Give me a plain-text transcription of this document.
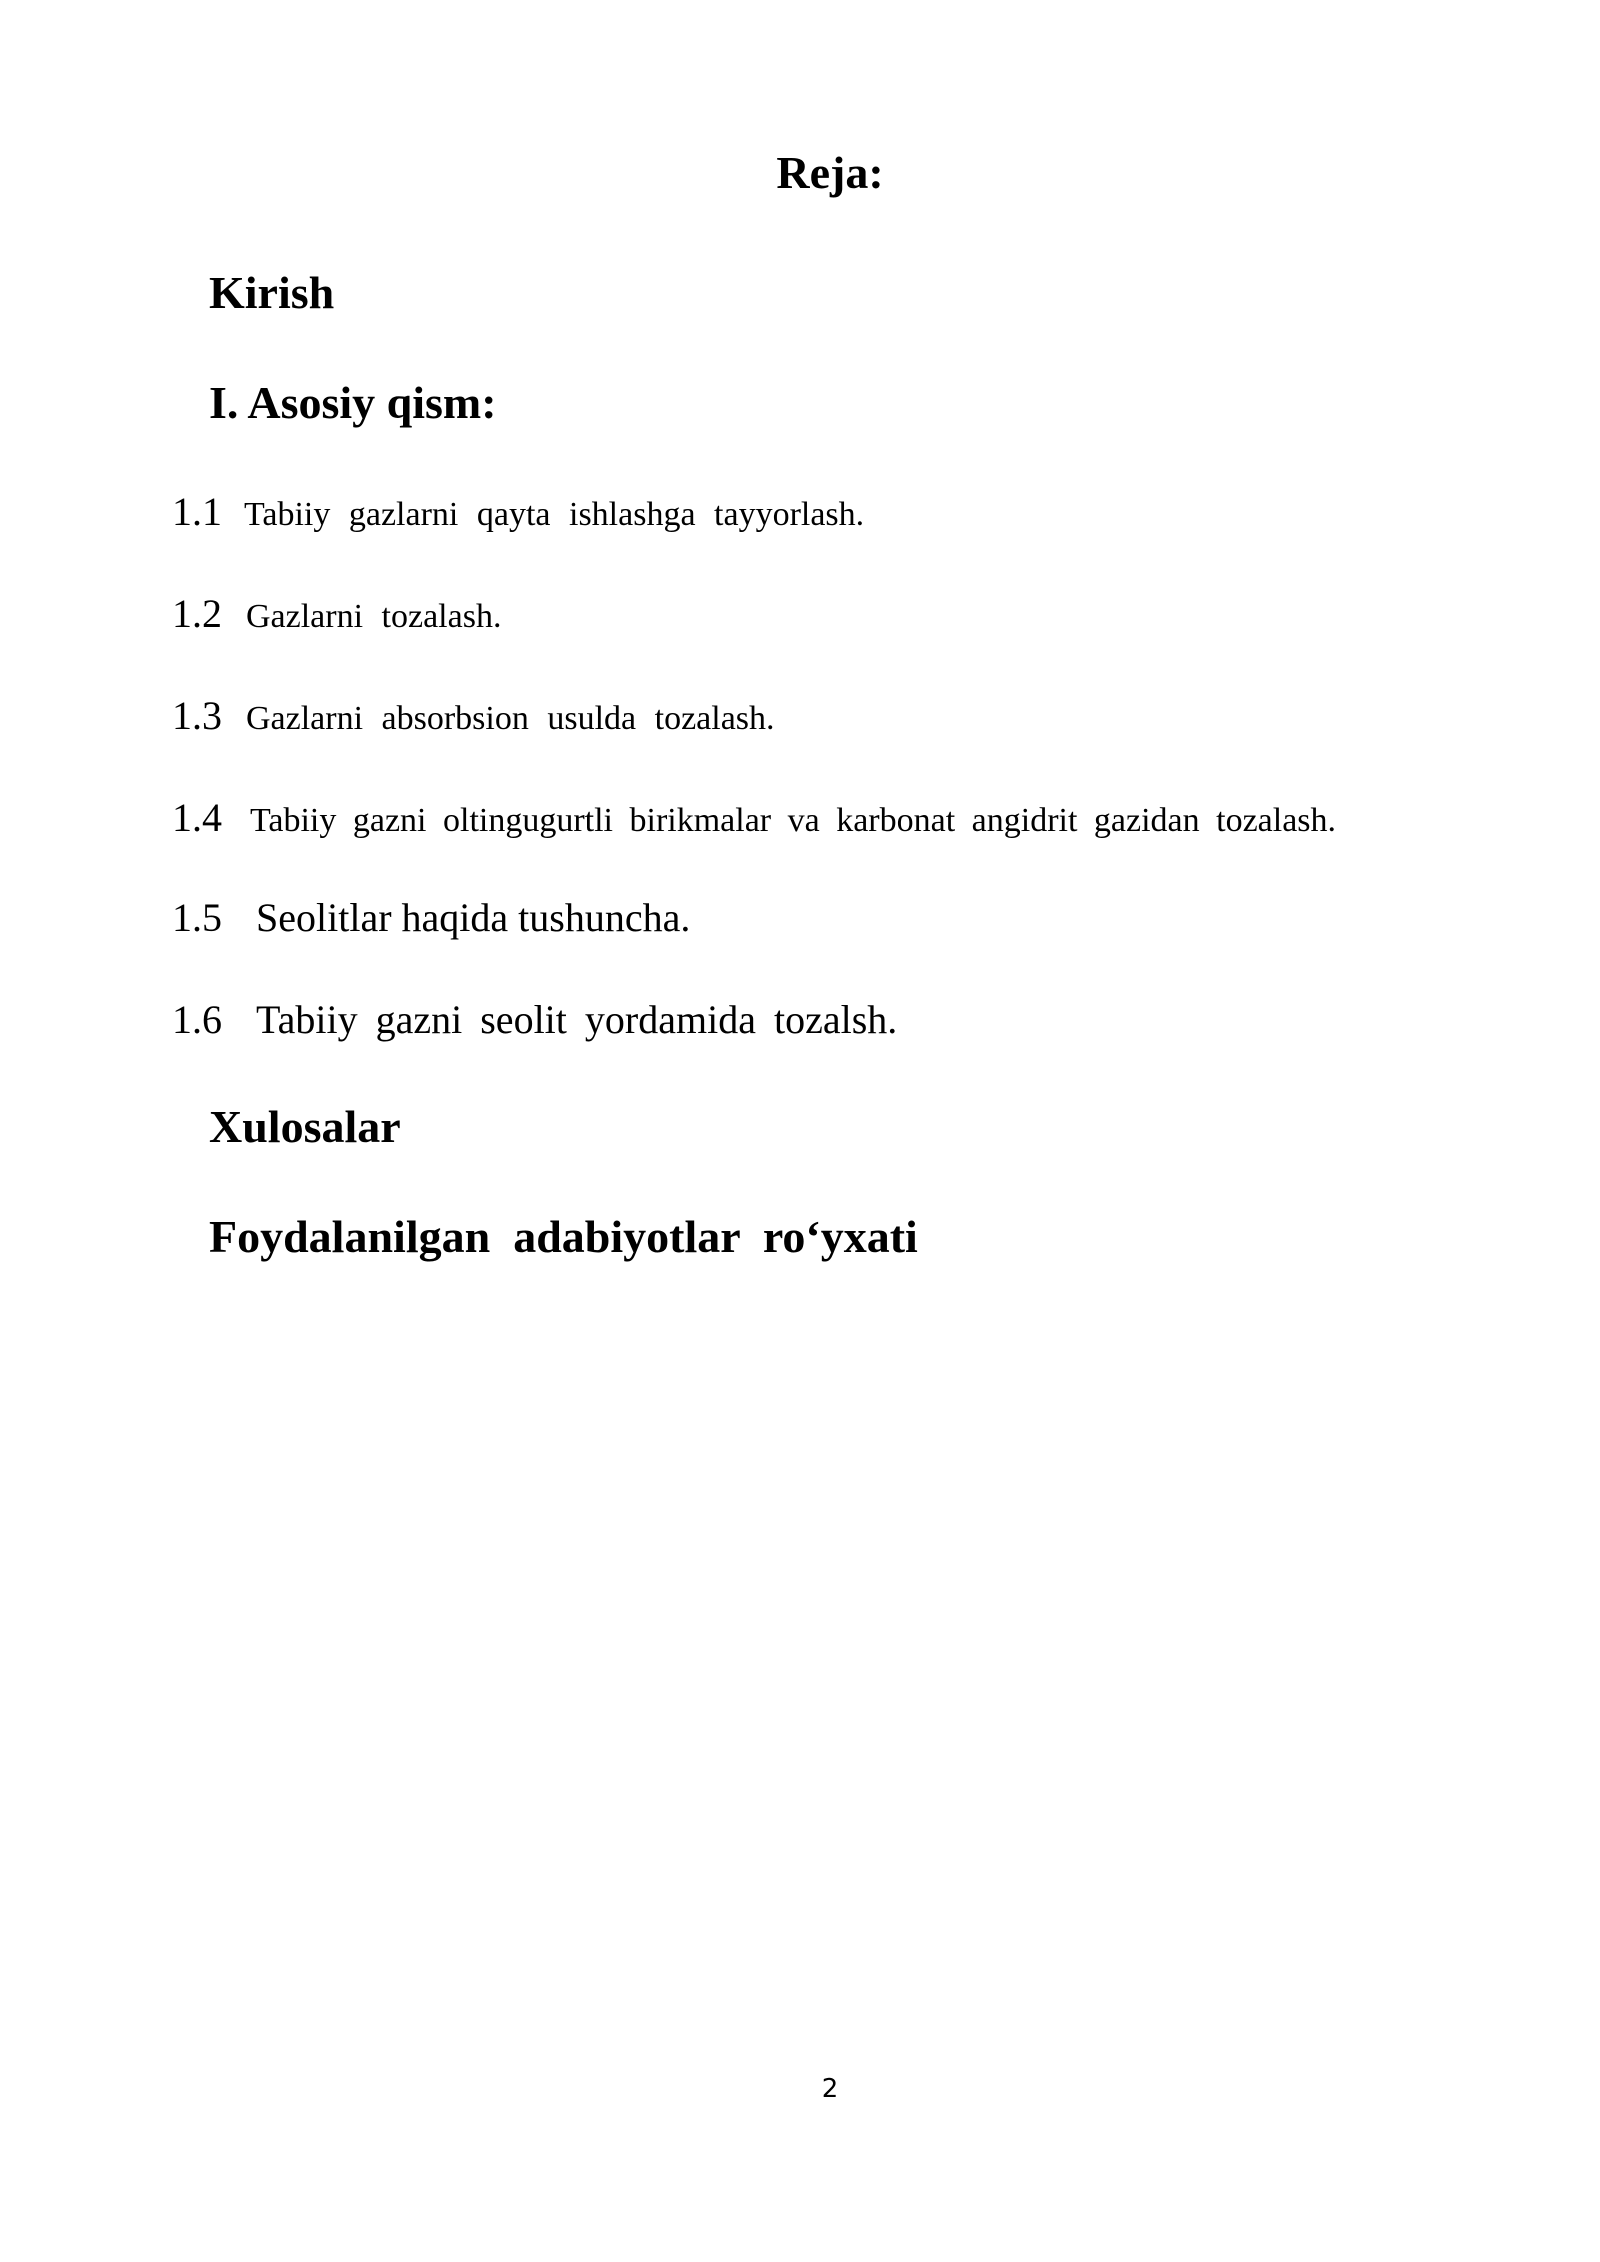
Reja:
Kirish
I. Asosiy qism:
1.1 Tabiiy gazlarni qayta ishlashga tayyorlash.
1.2 Gazlarni tozalash.
1.3 Gazlarni absorbsion usulda tozalash.
1.4 Tabiiy gazni oltingugurtli birikmalar va karbonat angidrit gazidan tozalash.
1.5 Seolitlar haqida tushuncha.
1.6 Tabiiy gazni seolit yordamida tozalsh.
Xulosalar
Foydalanilgan  adabiyotlar  ro‘yxati
2
